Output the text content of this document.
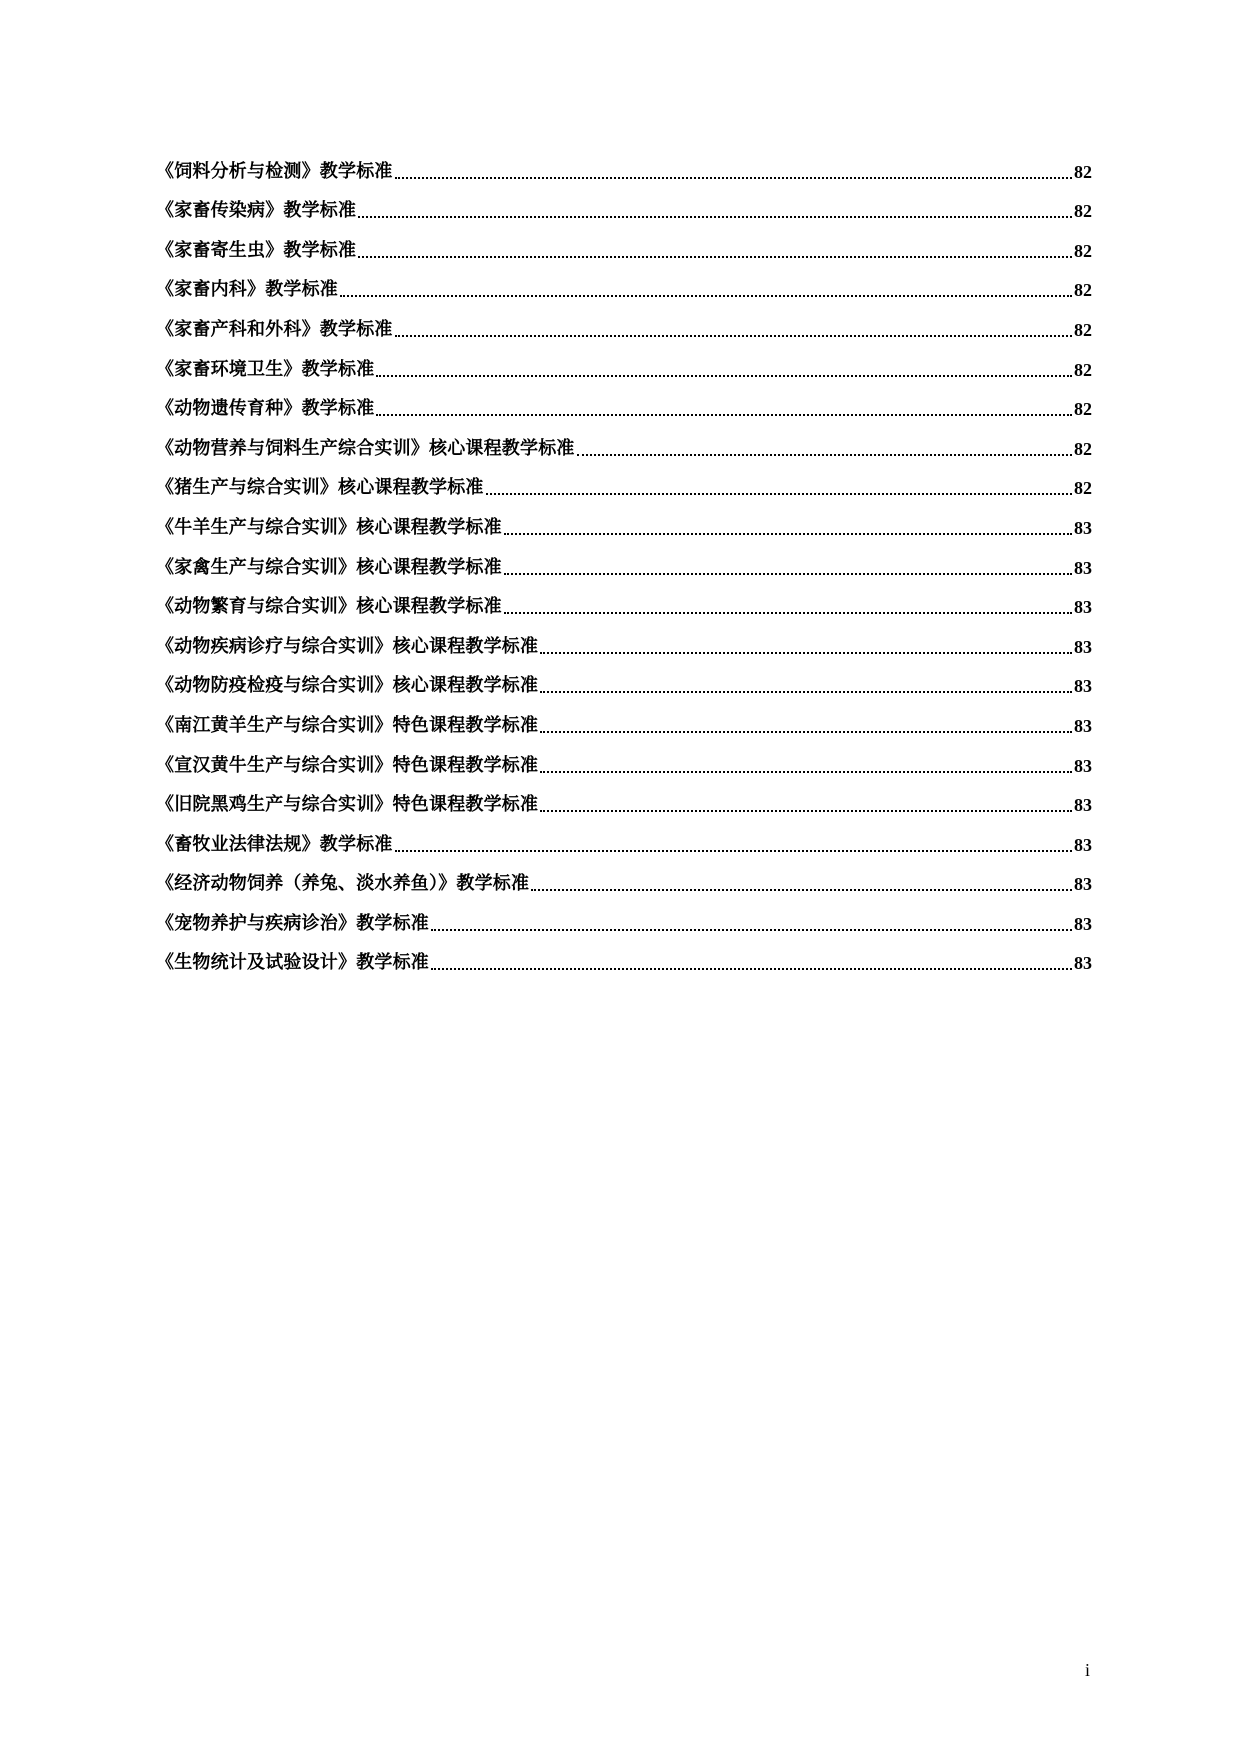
《饲料分析与检测》教学标准	82
《家畜传染病》教学标准	82
《家畜寄生虫》教学标准	82
《家畜内科》教学标准	82
《家畜产科和外科》教学标准	82
《家畜环境卫生》教学标准	82
《动物遗传育种》教学标准	82
《动物营养与饲料生产综合实训》核心课程教学标准	82
《猪生产与综合实训》核心课程教学标准	82
《牛羊生产与综合实训》核心课程教学标准	83
《家禽生产与综合实训》核心课程教学标准	83
《动物繁育与综合实训》核心课程教学标准	83
《动物疾病诊疗与综合实训》核心课程教学标准	83
《动物防疫检疫与综合实训》核心课程教学标准	83
《南江黄羊生产与综合实训》特色课程教学标准	83
《宣汉黄牛生产与综合实训》特色课程教学标准	83
《旧院黑鸡生产与综合实训》特色课程教学标准	83
《畜牧业法律法规》教学标准	83
《经济动物饲养（养兔、淡水养鱼）》教学标准	83
《宠物养护与疾病诊治》教学标准	83
《生物统计及试验设计》教学标准	83
i
